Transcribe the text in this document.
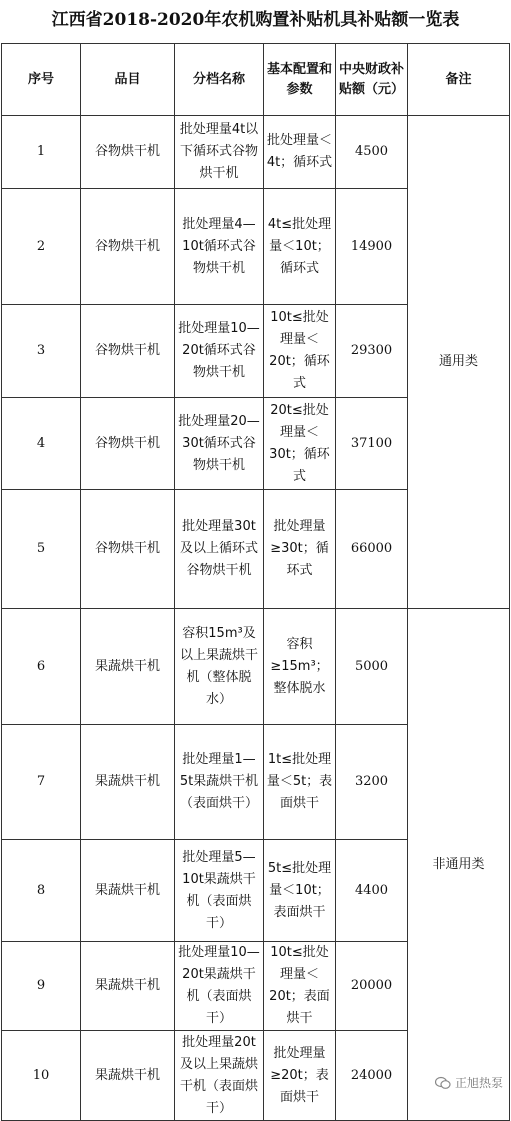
江西省2018-2020年农机购置补贴机具补贴额一览表
序号	品目	分档名称	基本配置和参数	中央财政补贴额（元）	备注
1	谷物烘干机	批处理量4t以下循环式谷物烘干机	批处理量＜4t；循环式	4500	通用类
2	谷物烘干机	批处理量4—10t循环式谷物烘干机	4t≤批处理量＜10t；循环式	14900	
3	谷物烘干机	批处理量10—20t循环式谷物烘干机	10t≤批处理量＜20t；循环式	29300	
4	谷物烘干机	批处理量20—30t循环式谷物烘干机	20t≤批处理量＜30t；循环式	37100	
5	谷物烘干机	批处理量30t及以上循环式谷物烘干机	批处理量≥30t；循环式	66000	
6	果蔬烘干机	容积15m³及以上果蔬烘干机（整体脱水）	容积≥15m³；整体脱水	5000	非通用类
7	果蔬烘干机	批处理量1—5t果蔬烘干机（表面烘干）	1t≤批处理量＜5t；表面烘干	3200	
8	果蔬烘干机	批处理量5—10t果蔬烘干机（表面烘干）	5t≤批处理量＜10t；表面烘干	4400	
9	果蔬烘干机	批处理量10—20t果蔬烘干机（表面烘干）	10t≤批处理量＜20t；表面烘干	20000	
10	果蔬烘干机	批处理量20t及以上果蔬烘干机（表面烘干）	批处理量≥20t；表面烘干	24000	
正旭热泵
